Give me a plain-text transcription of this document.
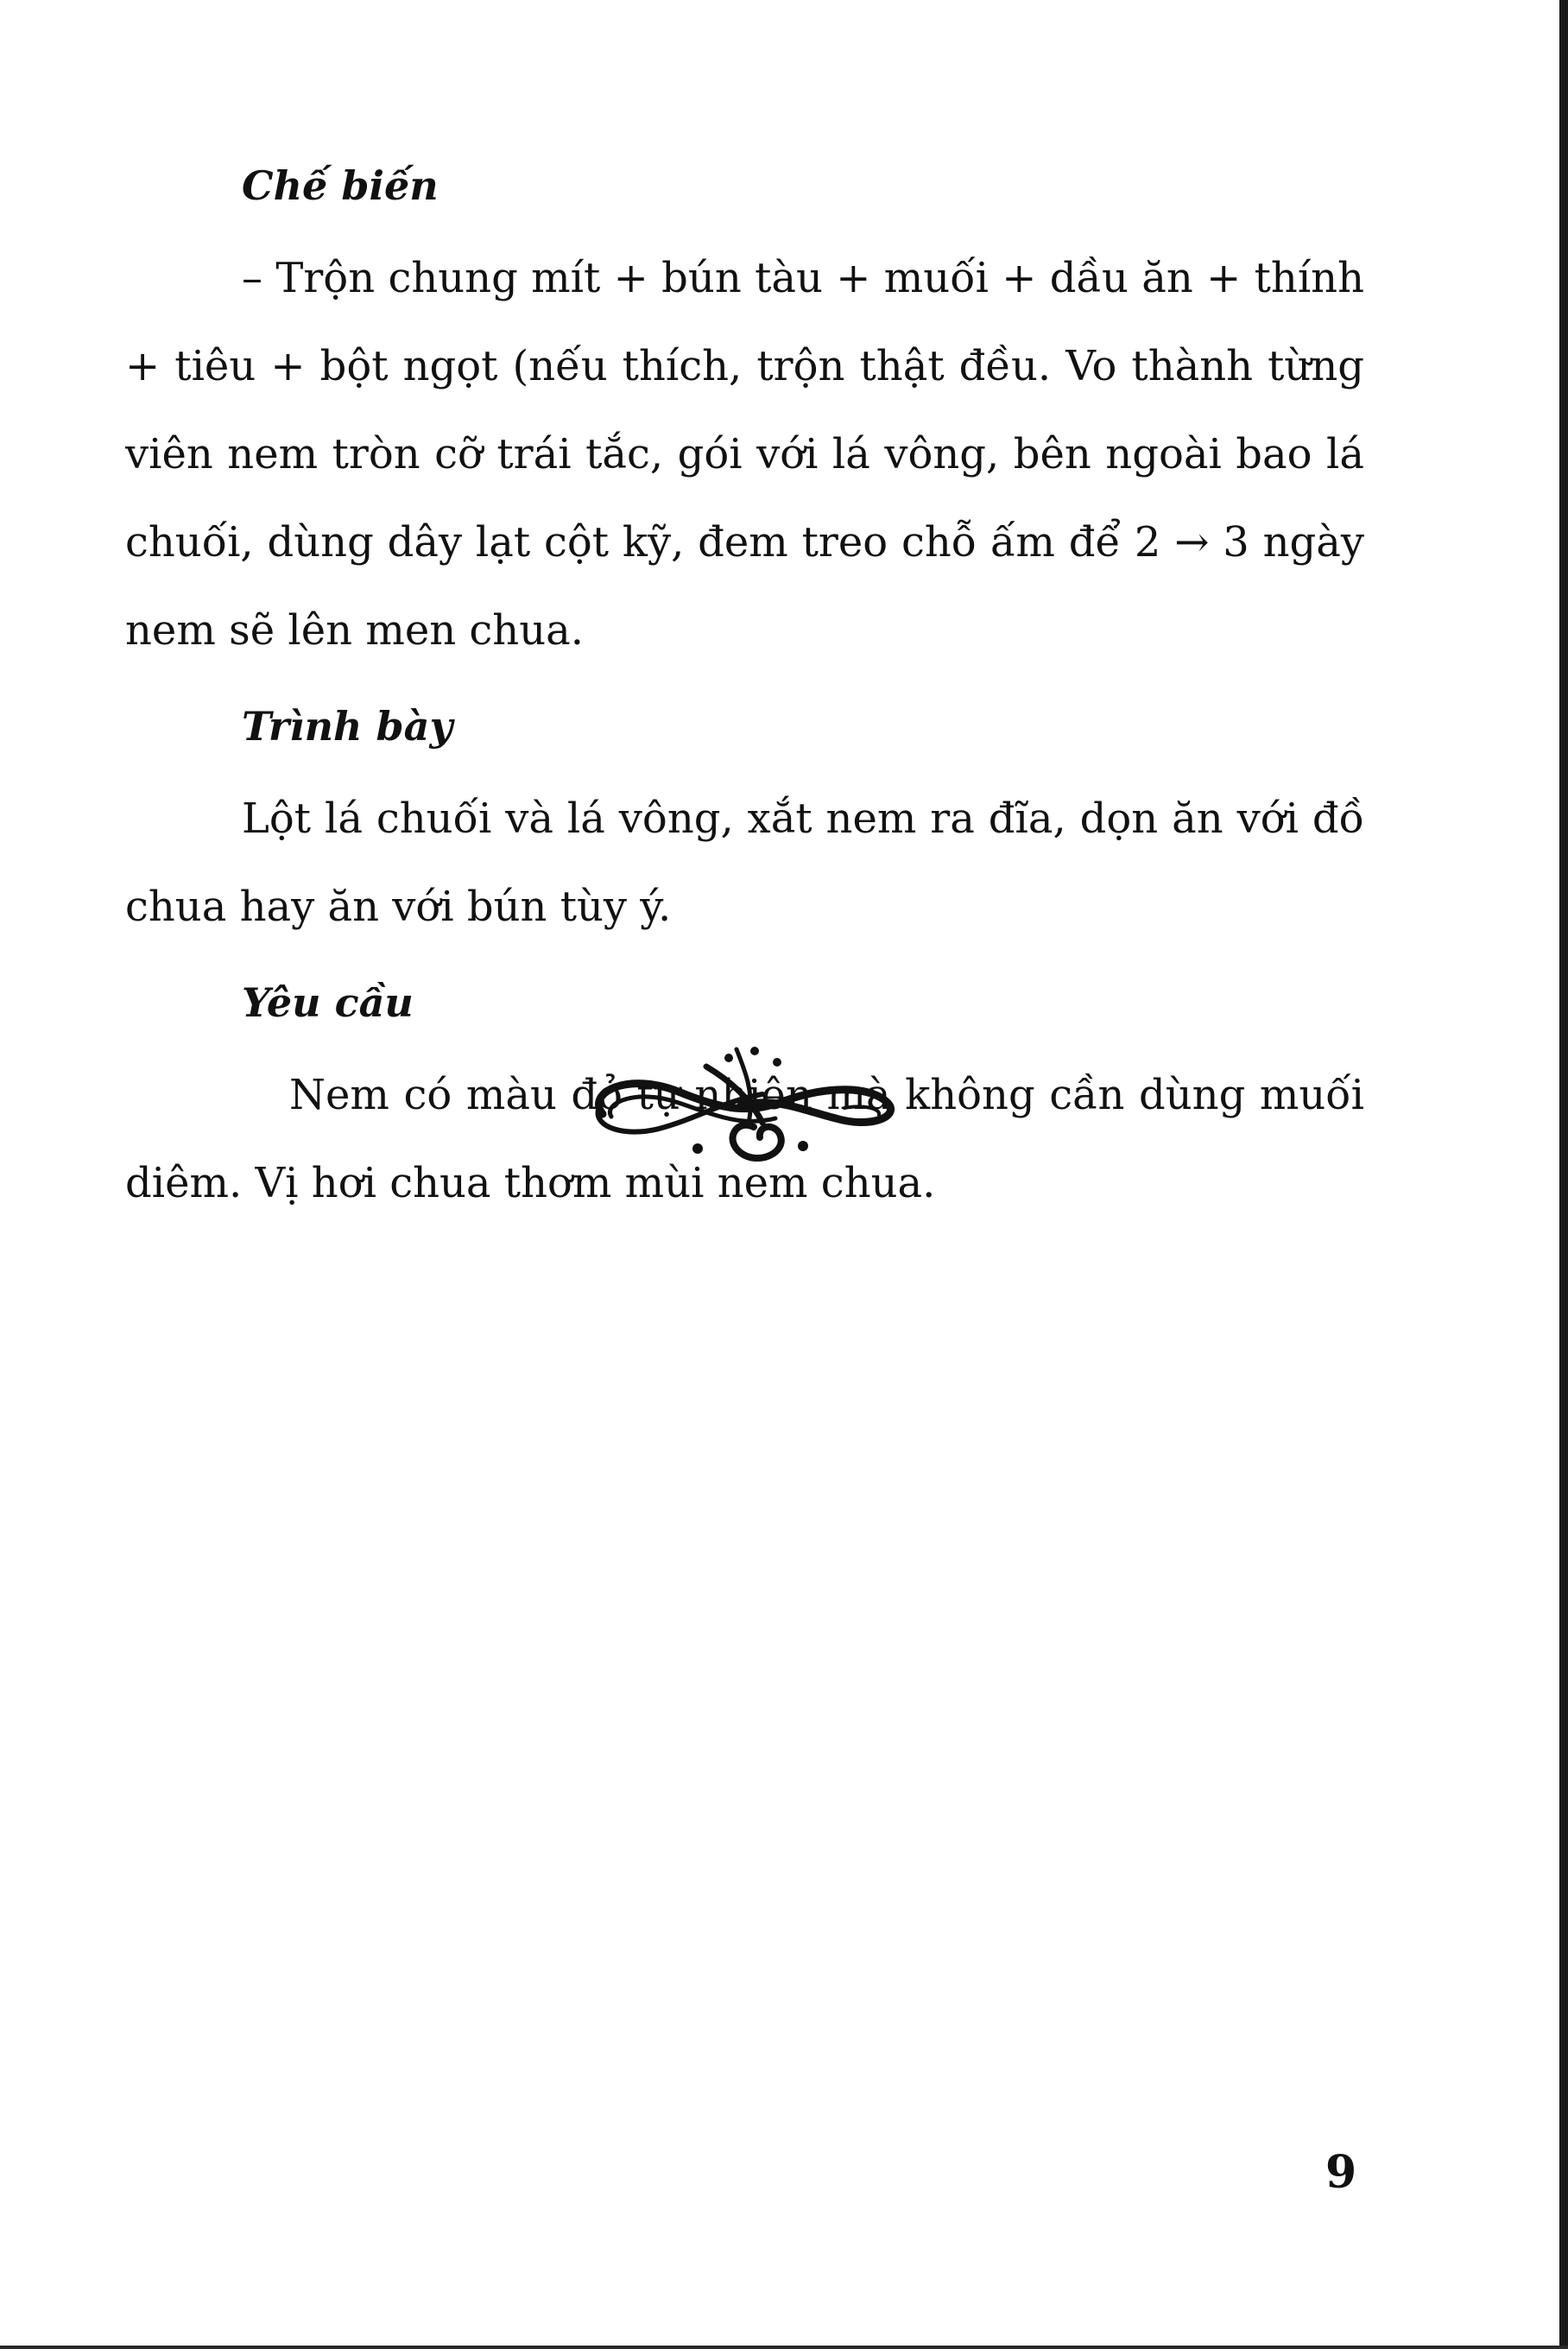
Chế biến

– Trộn chung mít + bún tàu + muối + dầu ăn + thính + tiêu + bột ngọt (nếu thích, trộn thật đều. Vo thành từng viên nem tròn cỡ trái tắc, gói với lá vông, bên ngoài bao lá chuối, dùng dây lạt cột kỹ, đem treo chỗ ấm để 2 → 3 ngày nem sẽ lên men chua.

Trình bày

Lột lá chuối và lá vông, xắt nem ra đĩa, dọn ăn với đồ chua hay ăn với bún tùy ý.

Yêu cầu

Nem có màu đỏ tự nhiên mà không cần dùng muối diêm. Vị hơi chua thơm mùi nem chua.

9
